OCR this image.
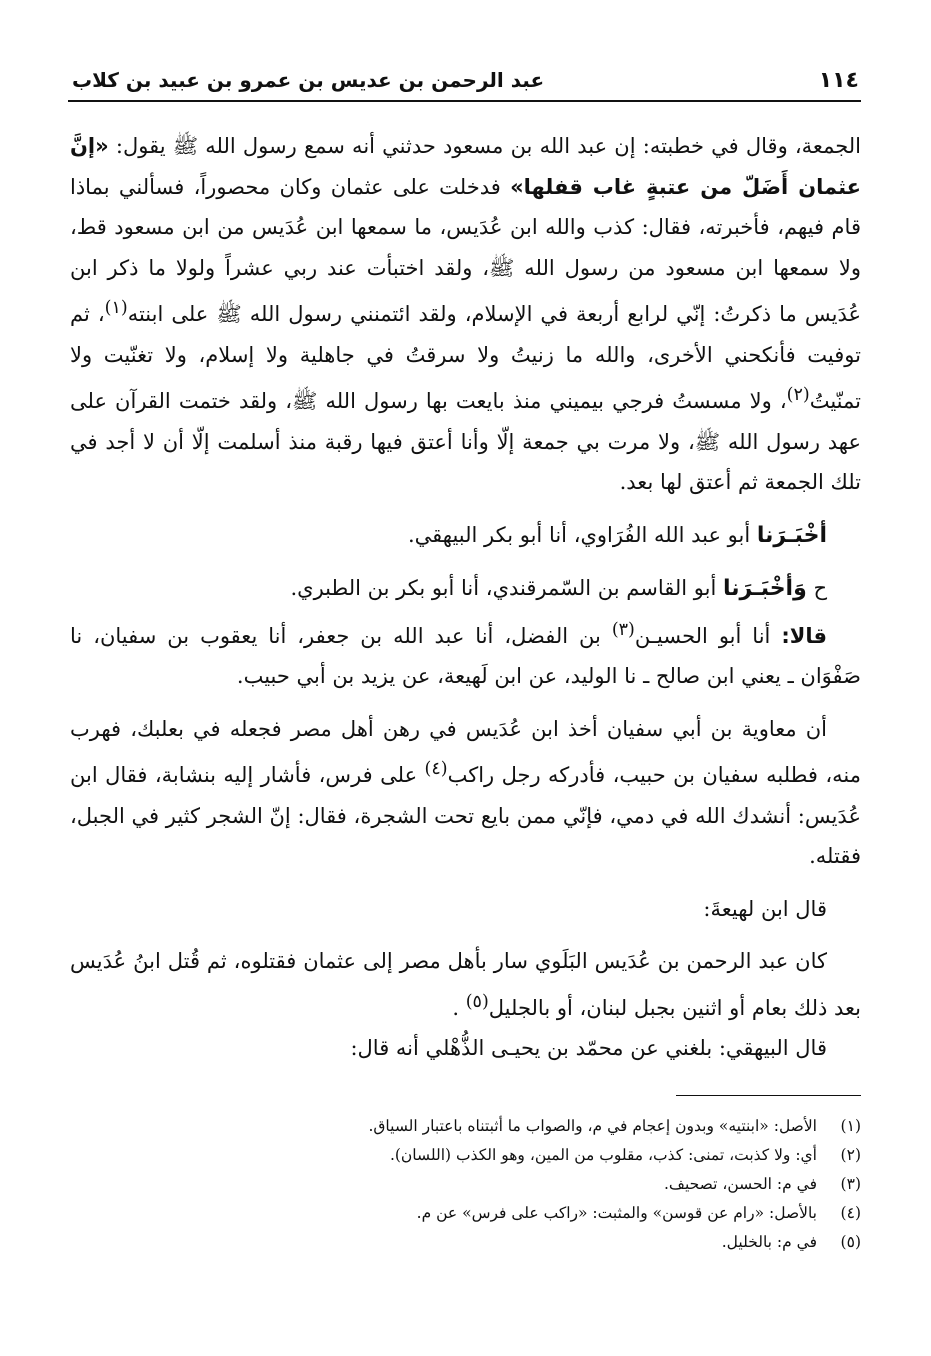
١١٤
عبد الرحمن بن عديس بن عمرو بن عبيد بن كلاب

الجمعة، وقال في خطبته: إن عبد الله بن مسعود حدثني أنه سمع رسول الله ﷺ يقول: «إنَّ عثمان أَضَلّ من عتبةٍ غاب قفلها» فدخلت على عثمان وكان محصوراً، فسألني بماذا قام فيهم، فأخبرته، فقال: كذب والله ابن عُدَيس، ما سمعها ابن عُدَيس من ابن مسعود قط، ولا سمعها ابن مسعود من رسول الله ﷺ، ولقد اختبأت عند ربي عشراً ولولا ما ذكر ابن عُدَيس ما ذكرتُ: إنّي لرابع أربعة في الإسلام، ولقد ائتمنني رسول الله ﷺ على ابنته$^{(١)}$، ثم توفيت فأنكحني الأخرى، والله ما زنيتُ ولا سرقتُ في جاهلية ولا إسلام، ولا تغنّيت ولا تمنّيتُ$^{(٢)}$، ولا مسستُ فرجي بيميني منذ بايعت بها رسول الله ﷺ، ولقد ختمت القرآن على عهد رسول الله ﷺ، ولا مرت بي جمعة إلّا وأنا أعتق فيها رقبة منذ أسلمت إلّا أن لا أجد في تلك الجمعة ثم أعتق لها بعد.

أخْبَـرَنا أبو عبد الله الفُرَاوي، أنا أبو بكر البيهقي.

ح وَأخْبَـرَنا أبو القاسم بن السّمرقندي، أنا أبو بكر بن الطبري.

قالا: أنا أبو الحسيـن$^{(٣)}$ بن الفضل، أنا عبد الله بن جعفر، أنا يعقوب بن سفيان، نا صَفْوَان ـ يعني ابن صالح ـ نا الوليد، عن ابن لَهيعة، عن يزيد بن أبي حبيب.

أن معاوية بن أبي سفيان أخذ ابن عُدَيس في رهن أهل مصر فجعله في بعلبك، فهرب منه، فطلبه سفيان بن حبيب، فأدركه رجل راكب$^{(٤)}$ على فرس، فأشار إليه بنشابة، فقال ابن عُدَيس: أنشدك الله في دمي، فإنّي ممن بايع تحت الشجرة، فقال: إنّ الشجر كثير في الجبل، فقتله.

قال ابن لهيعةَ:

كان عبد الرحمن بن عُدَيس البَلَوي سار بأهل مصر إلى عثمان فقتلوه، ثم قُتل ابنُ عُدَيس بعد ذلك بعام أو اثنين بجبل لبنان، أو بالجليل$^{(٥)}$ .

قال البيهقي: بلغني عن محمّد بن يحيـى الذُّهْلي أنه قال:

(١)
الأصل: «ابنتيه» وبدون إعجام في م، والصواب ما أثبتناه باعتبار السياق.
(٢)
أي: ولا كذبت، تمنى: كذب، مقلوب من المين، وهو الكذب (اللسان).
(٣)
في م: الحسن، تصحيف.
(٤)
بالأصل: «رام عن قوسن» والمثبت: «راكب على فرس» عن م.
(٥)
في م: بالخليل.
